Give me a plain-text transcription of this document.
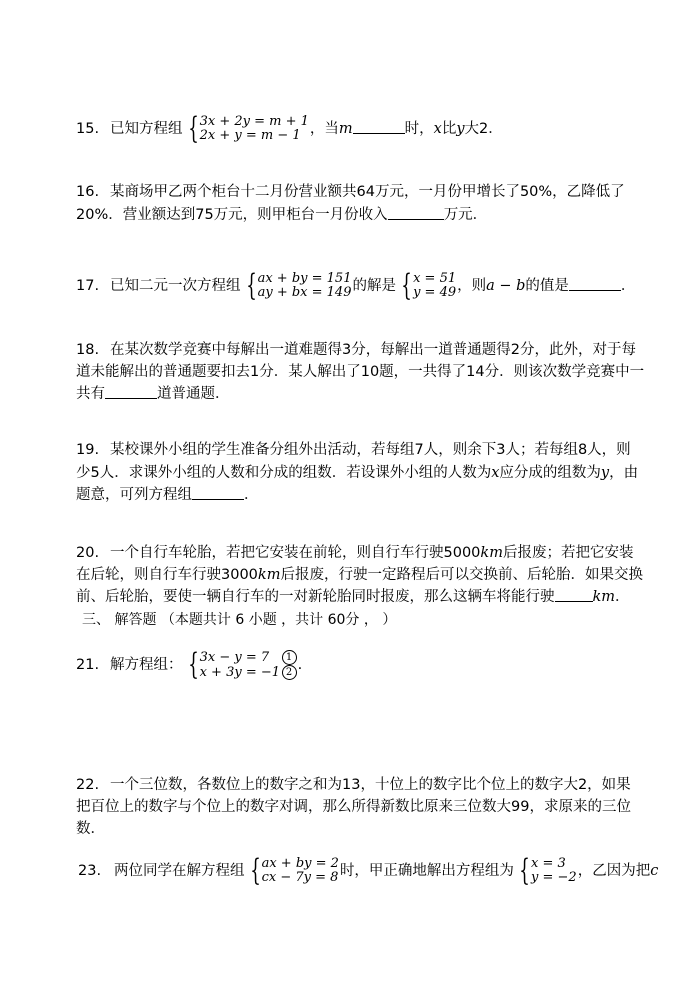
15. 已知方程组 { 3x + 2y = m + 1
2x + y = m − 1 ，当m	时，x比y大2．
16. 某商场甲乙两个柜台十二月份营业额共64万元，一月份甲增长了50%，乙降低了
20%．营业额达到75万元，则甲柜台一月份收入	万元．
17. 已知二元一次方程组 { ax + by = 151
ay + bx = 149 的解是 { x = 51
y = 49 ，则a − b的值是	．
18. 在某次数学竞赛中每解出一道难题得3分，每解出一道普通题得2分，此外，对于每
道未能解出的普通题要扣去1分．某人解出了10题，一共得了14分．则该次数学竞赛中一
共有	道普通题．
19. 某校课外小组的学生准备分组外出活动，若每组7人，则余下3人；若每组8人，则
少5人．求课外小组的人数和分成的组数．若设课外小组的人数为x应分成的组数为y，由
题意，可列方程组	．
20. 一个自行车轮胎，若把它安装在前轮，则自行车行驶5000km后报废；若把它安装
在后轮，则自行车行驶3000km后报废，行驶一定路程后可以交换前、后轮胎．如果交换
前、后轮胎，要使一辆自行车的一对新轮胎同时报废，那么这辆车将能行驶	km．
三、 解答题 （本题共计 6 小题 ，共计 60分 ， ）
21. 解方程组： { 3x − y = 7	1
x + 3y = −1 2 .
22. 一个三位数，各数位上的数字之和为13，十位上的数字比个位上的数字大2，如果
把百位上的数字与个位上的数字对调，那么所得新数比原来三位数大99，求原来的三位
数．
23. 两位同学在解方程组 { ax + by = 2
cx − 7y = 8 时，甲正确地解出方程组为 { x = 3
y = −2 ，乙因为把c
